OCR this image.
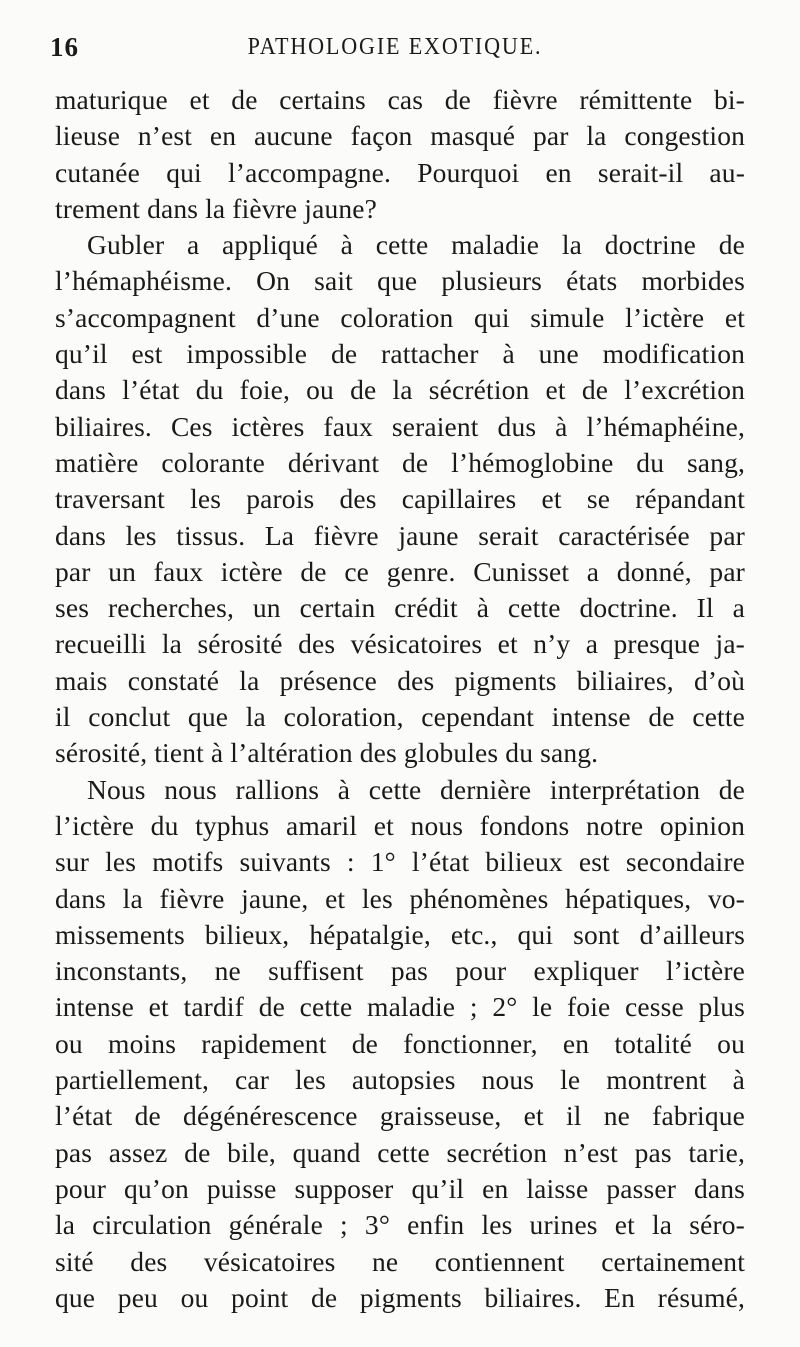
16	PATHOLOGIE EXOTIQUE.
maturique et de certains cas de fièvre rémittente bi-
lieuse n’est en aucune façon masqué par la congestion
cutanée qui l’accompagne. Pourquoi en serait-il au-
trement dans la fièvre jaune?
Gubler a appliqué à cette maladie la doctrine de
l’hémaphéisme. On sait que plusieurs états morbides
s’accompagnent d’une coloration qui simule l’ictère et
qu’il est impossible de rattacher à une modification
dans l’état du foie, ou de la sécrétion et de l’excrétion
biliaires. Ces ictères faux seraient dus à l’hémaphéine,
matière colorante dérivant de l’hémoglobine du sang,
traversant les parois des capillaires et se répandant
dans les tissus. La fièvre jaune serait caractérisée par
par un faux ictère de ce genre. Cunisset a donné, par
ses recherches, un certain crédit à cette doctrine. Il a
recueilli la sérosité des vésicatoires et n’y a presque ja-
mais constaté la présence des pigments biliaires, d’où
il conclut que la coloration, cependant intense de cette
sérosité, tient à l’altération des globules du sang.
Nous nous rallions à cette dernière interprétation de
l’ictère du typhus amaril et nous fondons notre opinion
sur les motifs suivants : 1° l’état bilieux est secondaire
dans la fièvre jaune, et les phénomènes hépatiques, vo-
missements bilieux, hépatalgie, etc., qui sont d’ailleurs
inconstants, ne suffisent pas pour expliquer l’ictère
intense et tardif de cette maladie ; 2° le foie cesse plus
ou moins rapidement de fonctionner, en totalité ou
partiellement, car les autopsies nous le montrent à
l’état de dégénérescence graisseuse, et il ne fabrique
pas assez de bile, quand cette secrétion n’est pas tarie,
pour qu’on puisse supposer qu’il en laisse passer dans
la circulation générale ; 3° enfin les urines et la séro-
sité des vésicatoires ne contiennent certainement
que peu ou point de pigments biliaires. En résumé,
